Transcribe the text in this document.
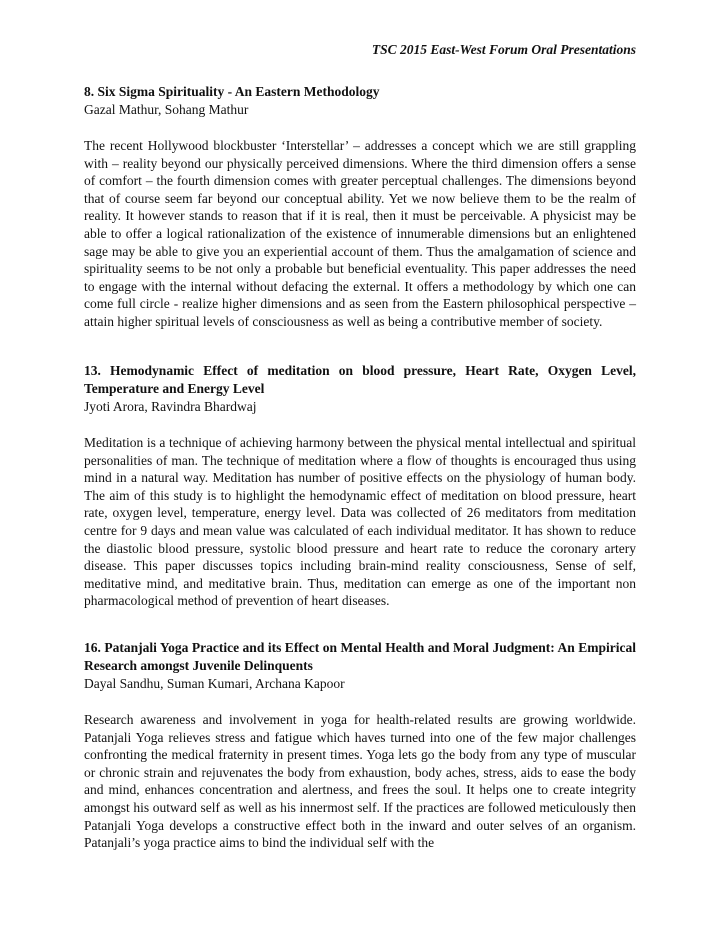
TSC 2015 East-West Forum Oral Presentations
8. Six Sigma Spirituality - An Eastern Methodology
Gazal Mathur, Sohang Mathur
The recent Hollywood blockbuster ‘Interstellar’ – addresses a concept which we are still grappling with – reality beyond our physically perceived dimensions. Where the third dimension offers a sense of comfort – the fourth dimension comes with greater perceptual challenges. The dimensions beyond that of course seem far beyond our conceptual ability. Yet we now believe them to be the realm of reality. It however stands to reason that if it is real, then it must be perceivable. A physicist may be able to offer a logical rationalization of the existence of innumerable dimensions but an enlightened sage may be able to give you an experiential account of them. Thus the amalgamation of science and spirituality seems to be not only a probable but beneficial eventuality. This paper addresses the need to engage with the internal without defacing the external. It offers a methodology by which one can come full circle - realize higher dimensions and as seen from the Eastern philosophical perspective – attain higher spiritual levels of consciousness as well as being a contributive member of society.
13. Hemodynamic Effect of meditation on blood pressure, Heart Rate, Oxygen Level, Temperature and Energy Level
Jyoti Arora, Ravindra Bhardwaj
Meditation is a technique of achieving harmony between the physical mental intellectual and spiritual personalities of man. The technique of meditation where a flow of thoughts is encouraged thus using mind in a natural way. Meditation has number of positive effects on the physiology of human body. The aim of this study is to highlight the hemodynamic effect of meditation on blood pressure, heart rate, oxygen level, temperature, energy level. Data was collected of 26 meditators from meditation centre for 9 days and mean value was calculated of each individual meditator. It has shown to reduce the diastolic blood pressure, systolic blood pressure and heart rate to reduce the coronary artery disease. This paper discusses topics including brain-mind reality consciousness, Sense of self, meditative mind, and meditative brain. Thus, meditation can emerge as one of the important non pharmacological method of prevention of heart diseases.
16. Patanjali Yoga Practice and its Effect on Mental Health and Moral Judgment: An Empirical Research amongst Juvenile Delinquents
Dayal Sandhu, Suman Kumari, Archana Kapoor
Research awareness and involvement in yoga for health-related results are growing worldwide. Patanjali Yoga relieves stress and fatigue which haves turned into one of the few major challenges confronting the medical fraternity in present times. Yoga lets go the body from any type of muscular or chronic strain and rejuvenates the body from exhaustion, body aches, stress, aids to ease the body and mind, enhances concentration and alertness, and frees the soul. It helps one to create integrity amongst his outward self as well as his innermost self. If the practices are followed meticulously then Patanjali Yoga develops a constructive effect both in the inward and outer selves of an organism. Patanjali’s yoga practice aims to bind the individual self with the
